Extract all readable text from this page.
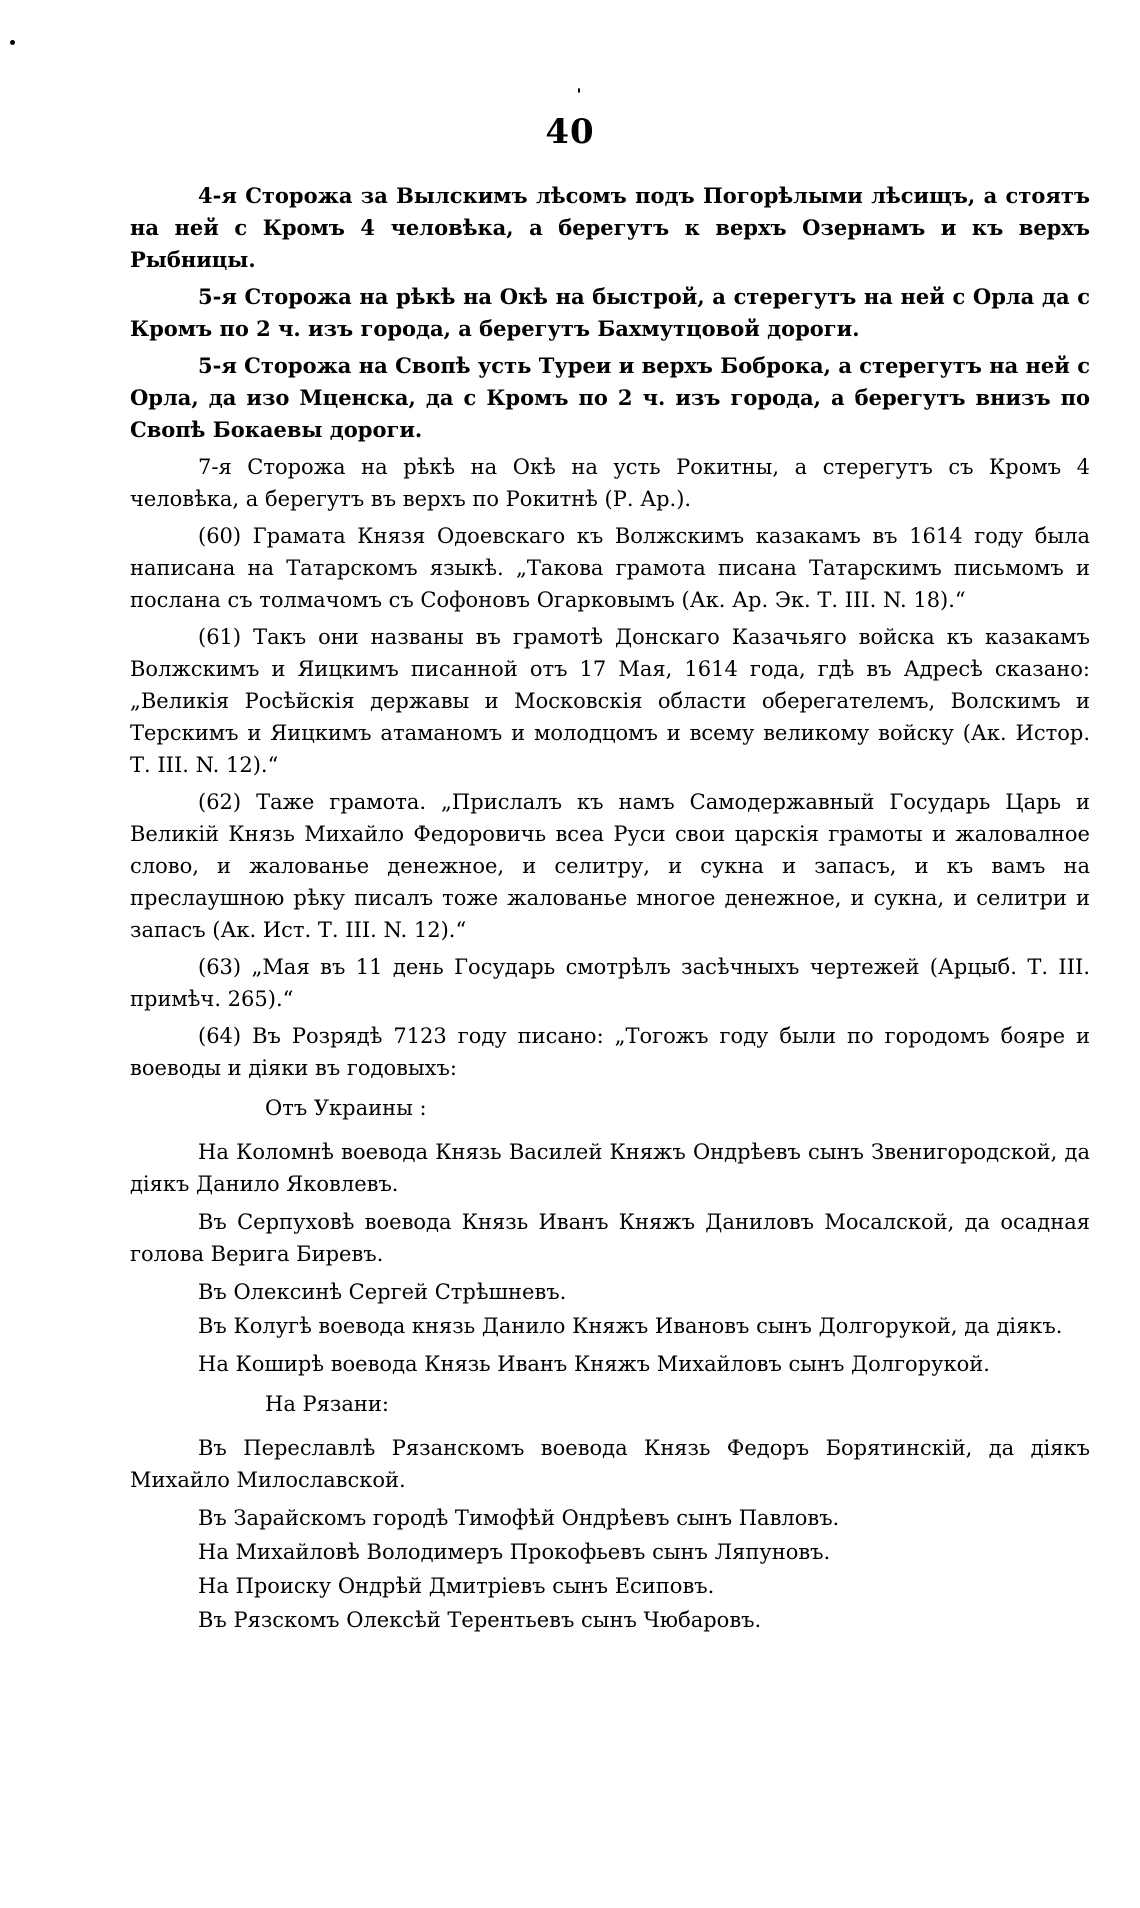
40

4-я Сторожа за Вылскимъ лѣсомъ подъ Погорѣлыми лѣсищъ, а стоятъ на ней с Кромъ 4 человѣка, а берегутъ к верхъ Озернамъ и къ верхъ Рыбницы.

5-я Сторожа на рѣкѣ на Окѣ на быстрой, а стерегутъ на ней с Орла да с Кромъ по 2 ч. изъ города, а берегутъ Бахмутцовой дороги.

5-я Сторожа на Свопѣ усть Туреи и верхъ Боброка, а стерегутъ на ней с Орла, да изо Мценска, да с Кромъ по 2 ч. изъ города, а берегутъ внизъ по Свопѣ Бокаевы дороги.

7-я Сторожа на рѣкѣ на Окѣ на усть Рокитны, а стерегутъ съ Кромъ 4 человѣка, а берегутъ въ верхъ по Рокитнѣ (Р. Ар.).

(60) Грамата Князя Одоевскаго къ Волжскимъ казакамъ въ 1614 году была написана на Татарскомъ языкѣ. „Такова грамота писана Татарскимъ письмомъ и послана съ толмачомъ съ Софоновъ Огарковымъ (Ак. Ар. Эк. Т. III. N. 18).“

(61) Такъ они названы въ грамотѣ Донскаго Казачьяго войска къ казакамъ Волжскимъ и Яицкимъ писанной отъ 17 Мая, 1614 года, гдѣ въ Адресѣ сказано: „Великія Росѣйскія державы и Московскія области оберегателемъ, Волскимъ и Терскимъ и Яицкимъ атаманомъ и молодцомъ и всему великому войску (Ак. Истор. Т. III. N. 12).“

(62) Таже грамота. „Прислалъ къ намъ Самодержавный Государь Царь и Великій Князь Михайло Федоровичь всеа Руси свои царскія грамоты и жаловалное слово, и жалованье денежное, и селитру, и сукна и запасъ, и къ вамъ на преслаушною рѣку писалъ тоже жалованье многое денежное, и сукна, и селитри и запасъ (Ак. Ист. Т. III. N. 12).“

(63) „Мая въ 11 день Государь смотрѣлъ засѣчныхъ чертежей (Арцыб. Т. III. примѣч. 265).“

(64) Въ Розрядѣ 7123 году писано: „Тогожъ году были по городомъ бояре и воеводы и діяки въ годовыхъ:

Отъ Украины :

На Коломнѣ воевода Князь Василей Княжъ Ондрѣевъ сынъ Звенигородской, да діякъ Данило Яковлевъ.

Въ Серпуховѣ воевода Князь Иванъ Княжъ Даниловъ Мосалской, да осадная голова Верига Биревъ.

Въ Олексинѣ Сергей Стрѣшневъ.

Въ Колугѣ воевода князь Данило Княжъ Ивановъ сынъ Долгорукой, да діякъ.

На Коширѣ воевода Князь Иванъ Княжъ Михайловъ сынъ Долгорукой.

На Рязани:

Въ Переславлѣ Рязанскомъ воевода Князь Федоръ Борятинскій, да діякъ Михайло Милославской.

Въ Зарайскомъ городѣ Тимофѣй Ондрѣевъ сынъ Павловъ.

На Михайловѣ Володимеръ Прокофьевъ сынъ Ляпуновъ.

На Происку Ондрѣй Дмитріевъ сынъ Есиповъ.

Въ Рязскомъ Олексѣй Терентьевъ сынъ Чюбаровъ.
